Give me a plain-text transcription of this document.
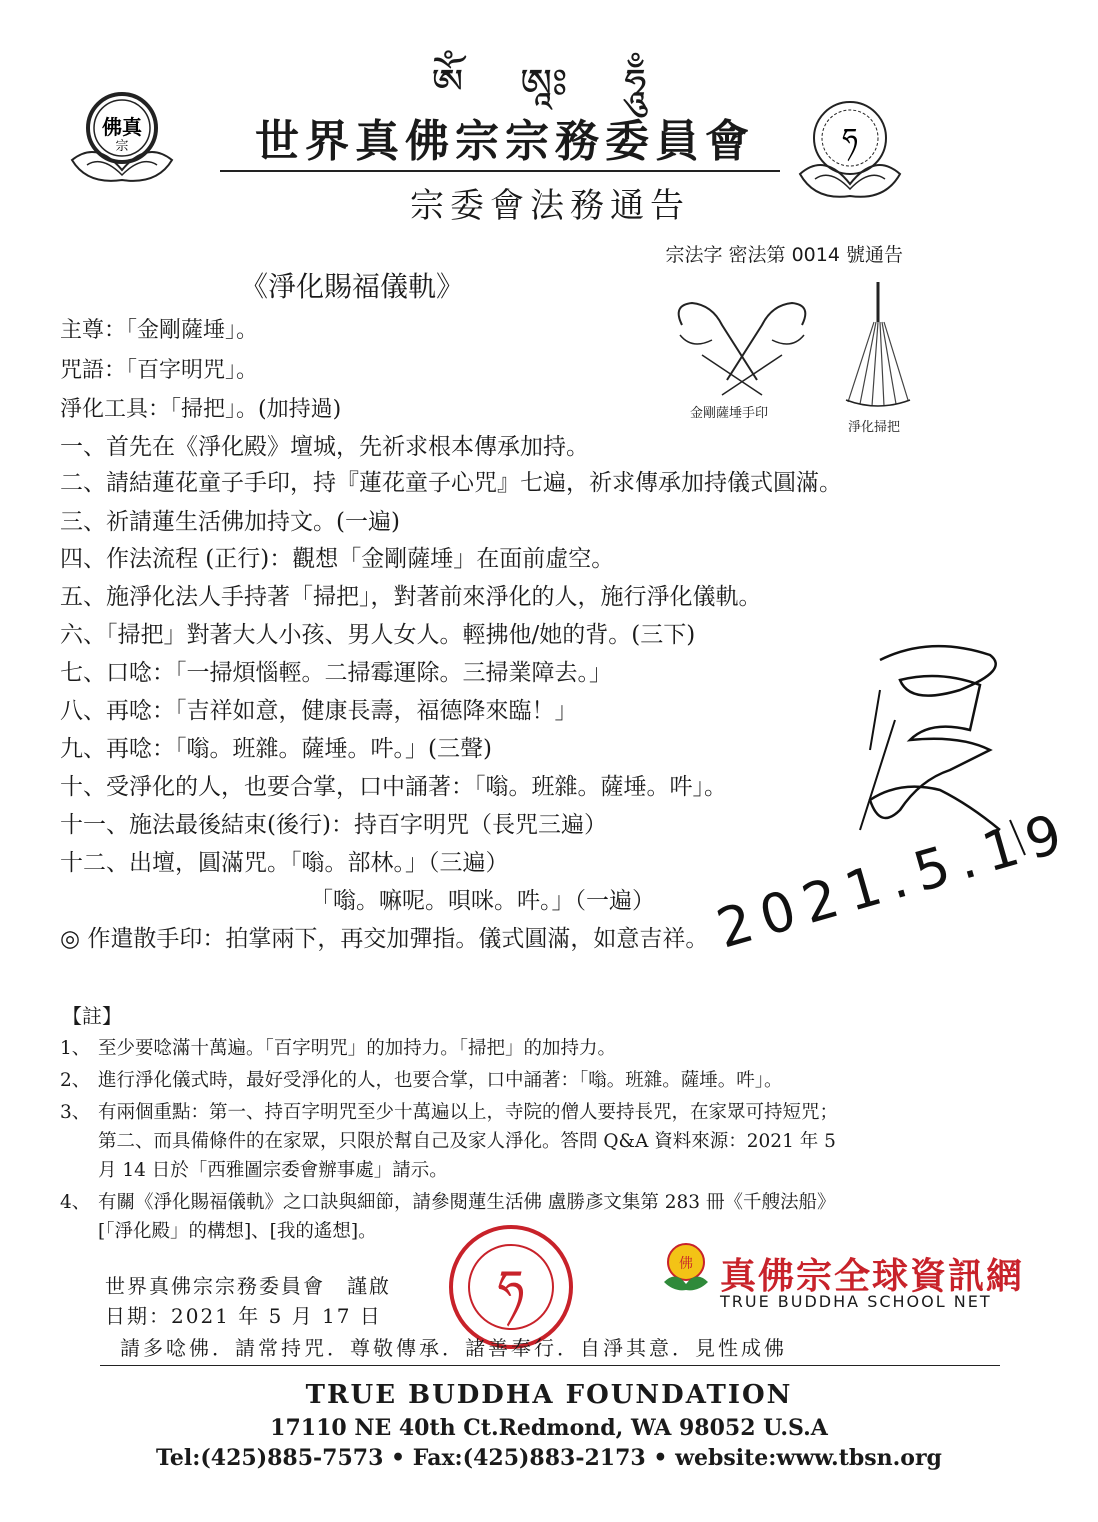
佛真
宗	ཧ
ༀ ཨཱཿ ཧཱུྃ
世界真佛宗宗務委員會
宗委會法務通告
宗法字 密法第 0014 號通告
《淨化賜福儀軌》
主尊：「金剛薩埵」。
咒語：「百字明咒」。
淨化工具：「掃把」。(加持過)	金剛薩埵手印
淨化掃把
一、首先在《淨化殿》壇城，先祈求根本傳承加持。
二、請結蓮花童子手印，持『蓮花童子心咒』七遍，祈求傳承加持儀式圓滿。
三、祈請蓮生活佛加持文。(一遍)
四、作法流程 (正行)：觀想「金剛薩埵」在面前虛空。
五、施淨化法人手持著「掃把」，對著前來淨化的人，施行淨化儀軌。
六、「掃把」對著大人小孩、男人女人。輕拂他/她的背。(三下)
七、口唸：「一掃煩惱輕。二掃霉運除。三掃業障去。」
八、再唸：「吉祥如意，健康長壽，福德降來臨！」
九、再唸：「嗡。班雜。薩埵。吽。」(三聲)
十、受淨化的人，也要合掌，口中誦著：「嗡。班雜。薩埵。吽」。
十一、施法最後結束(後行)：持百字明咒（長咒三遍）
十二、出壇，圓滿咒。「嗡。部林。」（三遍）
「嗡。嘛呢。唄咪。吽。」（一遍）
◎ 作遣散手印：拍掌兩下，再交加彈指。儀式圓滿，如意吉祥。 2021.5.19
【註】
1、 至少要唸滿十萬遍。「百字明咒」的加持力。「掃把」的加持力。
2、 進行淨化儀式時，最好受淨化的人，也要合掌，口中誦著：「嗡。班雜。薩埵。吽」。
3、 有兩個重點：第一、持百字明咒至少十萬遍以上，寺院的僧人要持長咒，在家眾可持短咒；
第二、而具備條件的在家眾，只限於幫自己及家人淨化。答問 Q&A 資料來源：2021 年 5
月 14 日於「西雅圖宗委會辦事處」請示。
4、 有關《淨化賜福儀軌》之口訣與細節，請參閱蓮生活佛 盧勝彥文集第 283 冊《千艘法船》
[「淨化殿」的構想]、[我的遙想]。
世界真佛宗宗務委員會　謹啟
日期：2021 年 5 月 17 日 ཧ	佛 真佛宗全球資訊網
TRUE BUDDHA SCHOOL NET
請多唸佛．請常持咒．尊敬傳承．諸善奉行．自淨其意．見性成佛
TRUE BUDDHA FOUNDATION
17110 NE 40th Ct.Redmond, WA 98052 U.S.A
Tel:(425)885-7573 • Fax:(425)883-2173 • website:www.tbsn.org
